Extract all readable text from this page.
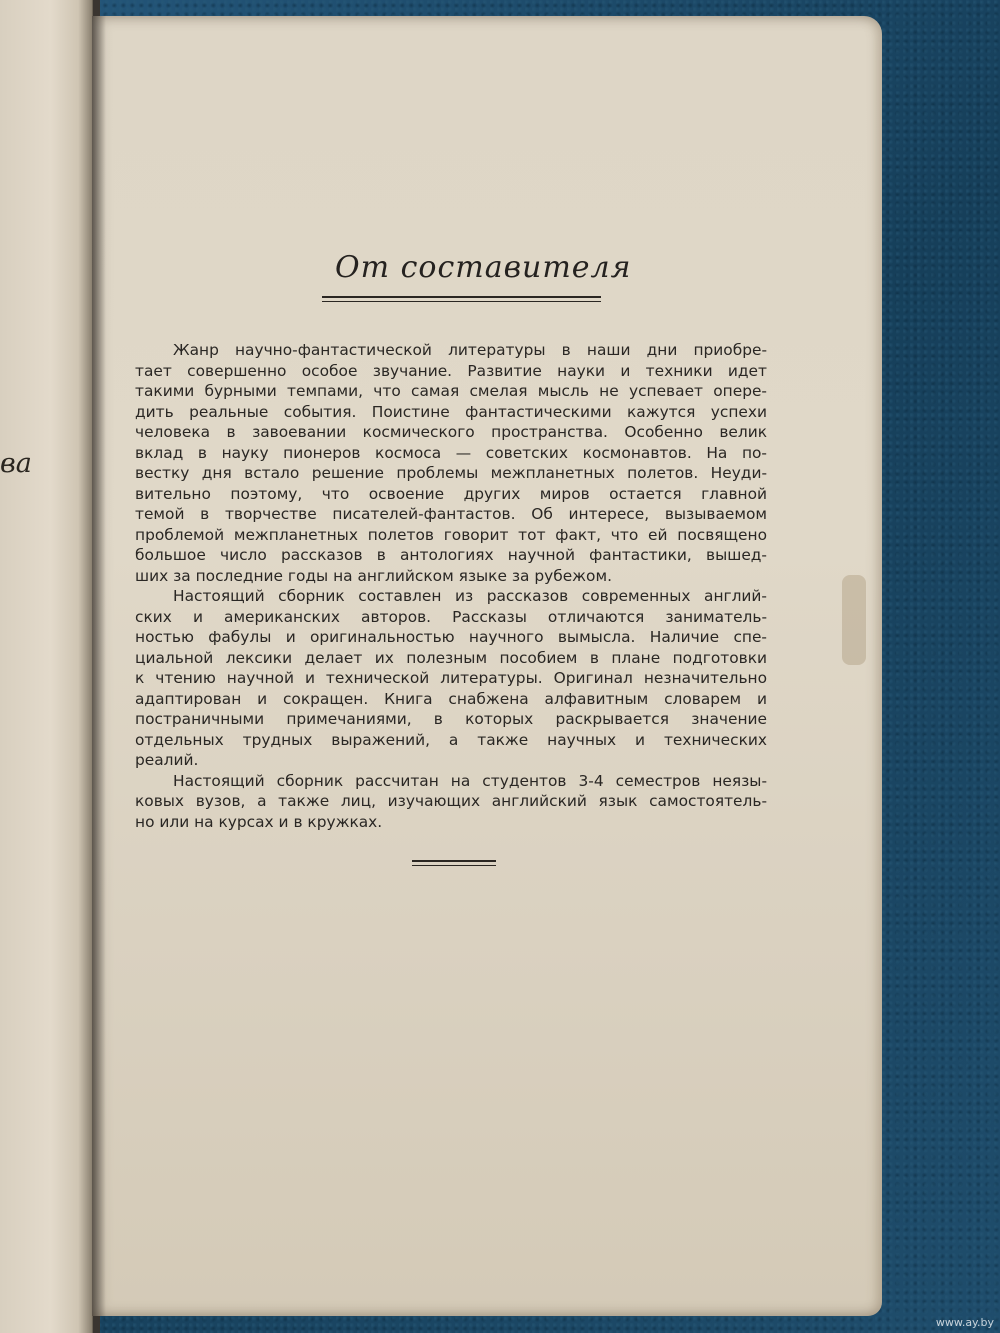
ва
От составителя
Жанр научно-фантастической литературы в наши дни приобре-
тает совершенно особое звучание. Развитие науки и техники идет
такими бурными темпами, что самая смелая мысль не успевает опере-
дить реальные события. Поистине фантастическими кажутся успехи
человека в завоевании космического пространства. Особенно велик
вклад в науку пионеров космоса — советских космонавтов. На по-
вестку дня встало решение проблемы межпланетных полетов. Неуди-
вительно поэтому, что освоение других миров остается главной
темой в творчестве писателей-фантастов. Об интересе, вызываемом
проблемой межпланетных полетов говорит тот факт, что ей посвящено
большое число рассказов в антологиях научной фантастики, вышед-
ших за последние годы на английском языке за рубежом.
Настоящий сборник составлен из рассказов современных англий-
ских и американских авторов. Рассказы отличаются заниматель-
ностью фабулы и оригинальностью научного вымысла. Наличие спе-
циальной лексики делает их полезным пособием в плане подготовки
к чтению научной и технической литературы. Оригинал незначительно
адаптирован и сокращен. Книга снабжена алфавитным словарем и
постраничными примечаниями, в которых раскрывается значение
отдельных трудных выражений, а также научных и технических
реалий.
Настоящий сборник рассчитан на студентов 3-4 семестров неязы-
ковых вузов, а также лиц, изучающих английский язык самостоятель-
но или на курсах и в кружках.
www.ay.by
